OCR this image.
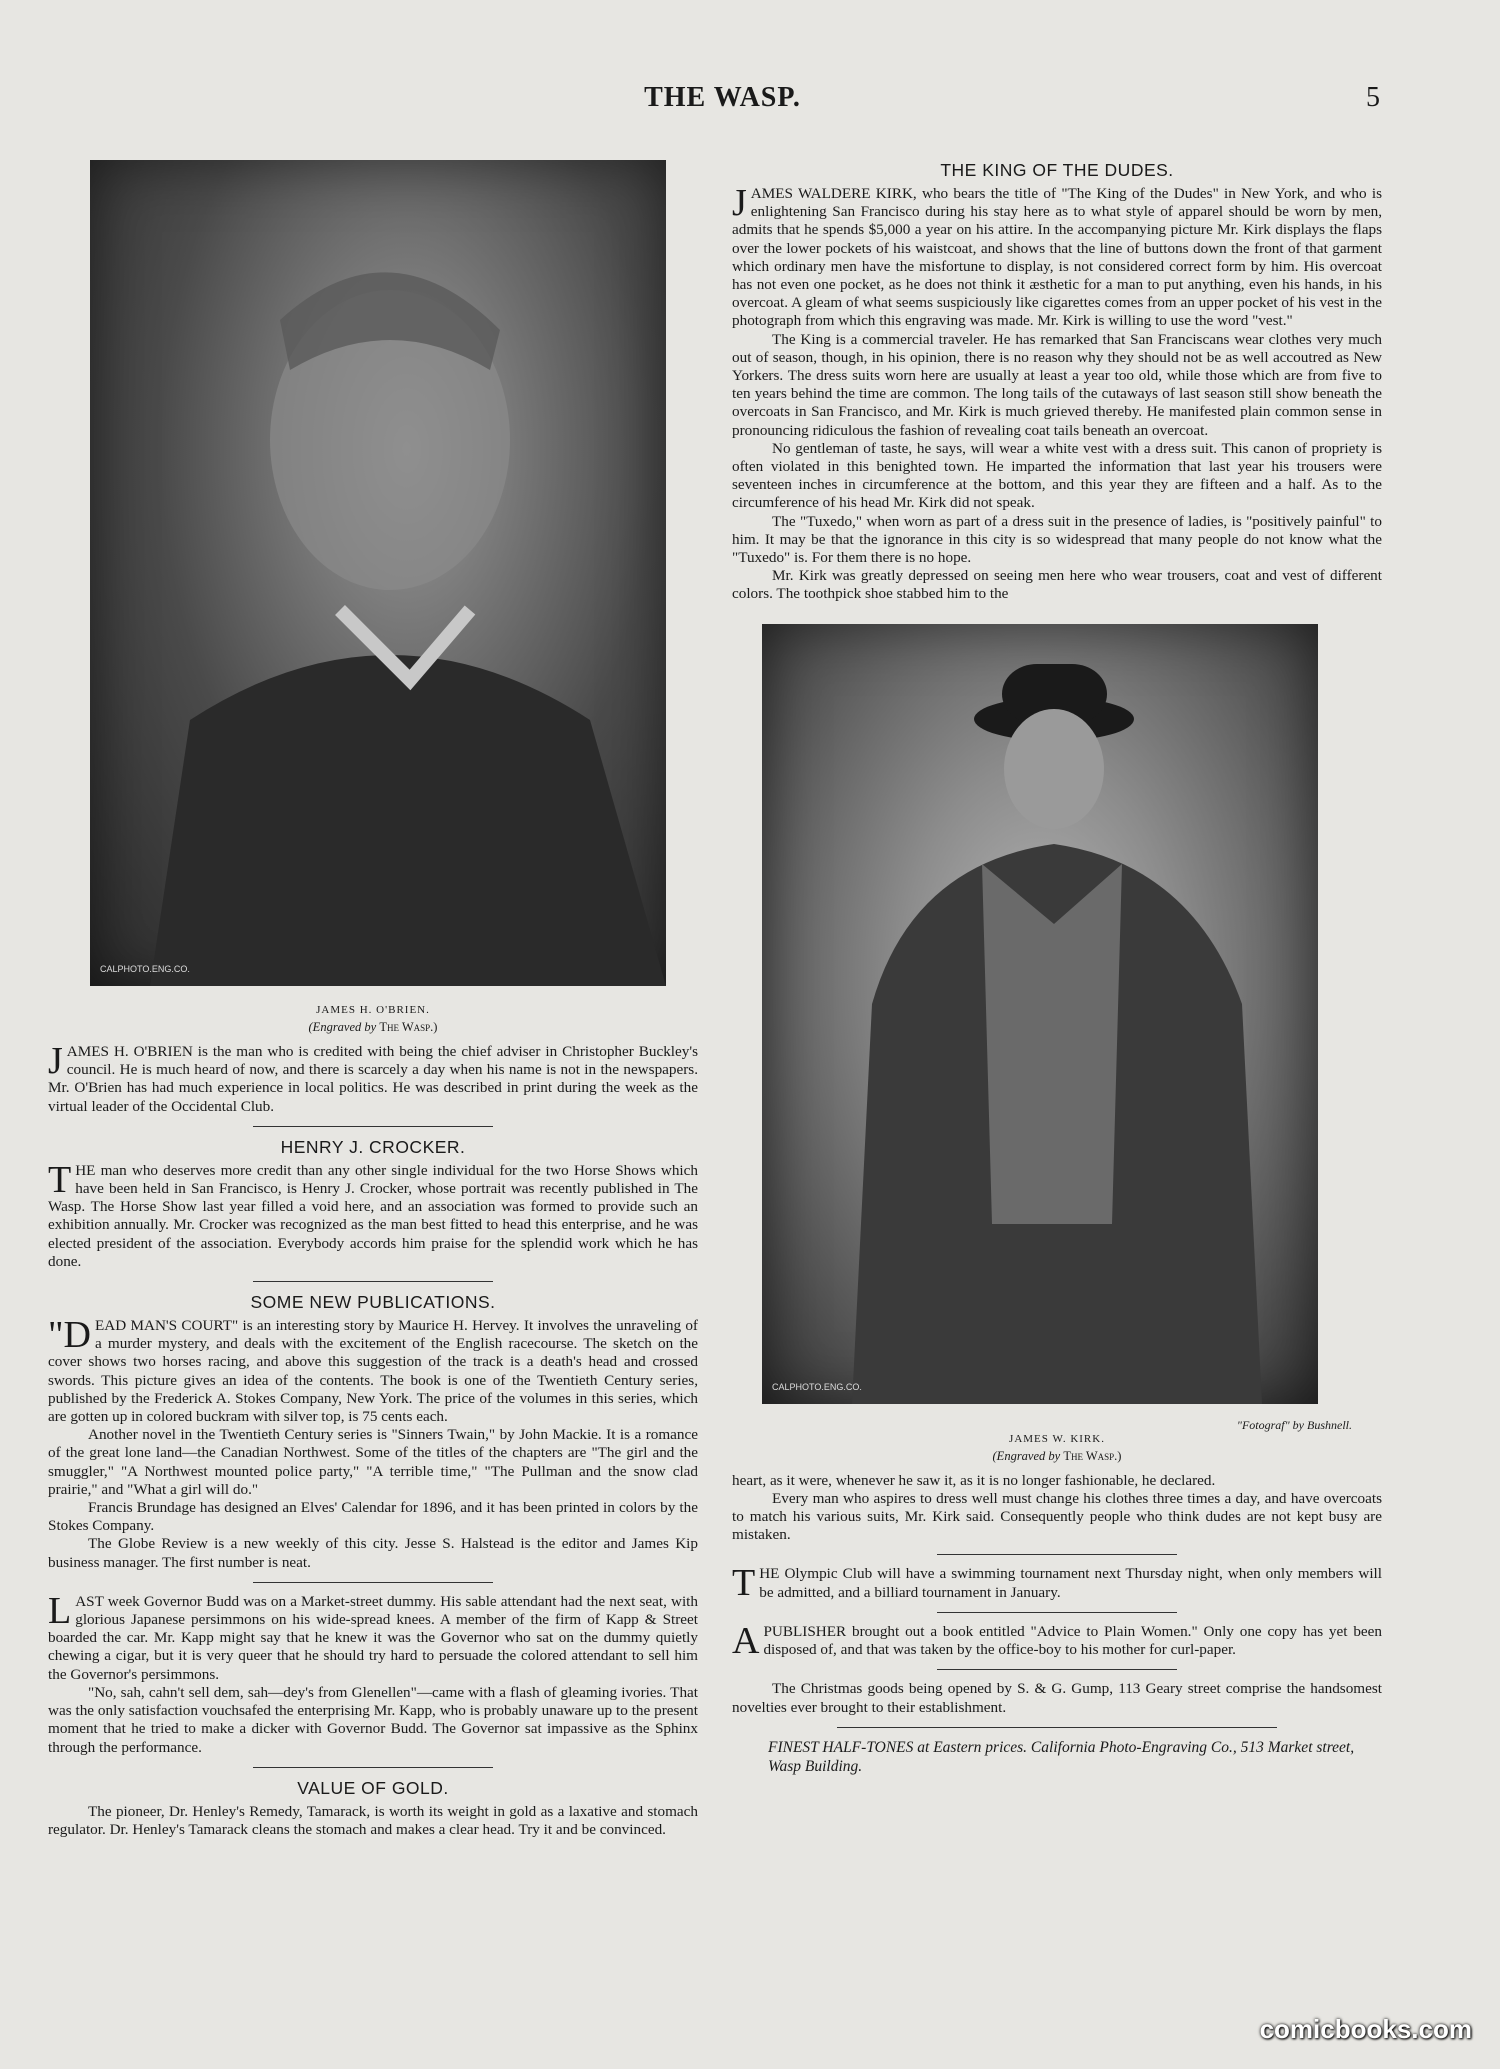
THE WASP.	5
CALPHOTO.ENG.CO.
JAMES H. O'BRIEN.
(Engraved by The Wasp.)

JAMES H. O'BRIEN is the man who is credited with being the chief adviser in Christopher Buckley's council. He is much heard of now, and there is scarcely a day when his name is not in the newspapers. Mr. O'Brien has had much experience in local politics. He was described in print during the week as the virtual leader of the Occidental Club.

HENRY J. CROCKER.

THE man who deserves more credit than any other single individual for the two Horse Shows which have been held in San Francisco, is Henry J. Crocker, whose portrait was recently published in The Wasp. The Horse Show last year filled a void here, and an association was formed to provide such an exhibition annually. Mr. Crocker was recognized as the man best fitted to head this enterprise, and he was elected president of the association. Everybody accords him praise for the splendid work which he has done.

SOME NEW PUBLICATIONS.

"DEAD MAN'S COURT" is an interesting story by Maurice H. Hervey. It involves the unraveling of a murder mystery, and deals with the excitement of the English racecourse. The sketch on the cover shows two horses racing, and above this suggestion of the track is a death's head and crossed swords. This picture gives an idea of the contents. The book is one of the Twentieth Century series, published by the Frederick A. Stokes Company, New York. The price of the volumes in this series, which are gotten up in colored buckram with silver top, is 75 cents each.

Another novel in the Twentieth Century series is "Sinners Twain," by John Mackie. It is a romance of the great lone land—the Canadian Northwest. Some of the titles of the chapters are "The girl and the smuggler," "A Northwest mounted police party," "A terrible time," "The Pullman and the snow clad prairie," and "What a girl will do."

Francis Brundage has designed an Elves' Calendar for 1896, and it has been printed in colors by the Stokes Company.

The Globe Review is a new weekly of this city. Jesse S. Halstead is the editor and James Kip business manager. The first number is neat.

LAST week Governor Budd was on a Market-street dummy. His sable attendant had the next seat, with glorious Japanese persimmons on his wide-spread knees. A member of the firm of Kapp & Street boarded the car. Mr. Kapp might say that he knew it was the Governor who sat on the dummy quietly chewing a cigar, but it is very queer that he should try hard to persuade the colored attendant to sell him the Governor's persimmons.

"No, sah, cahn't sell dem, sah—dey's from Glenellen"—came with a flash of gleaming ivories. That was the only satisfaction vouchsafed the enterprising Mr. Kapp, who is probably unaware up to the present moment that he tried to make a dicker with Governor Budd. The Governor sat impassive as the Sphinx through the performance.

VALUE OF GOLD.

The pioneer, Dr. Henley's Remedy, Tamarack, is worth its weight in gold as a laxative and stomach regulator. Dr. Henley's Tamarack cleans the stomach and makes a clear head. Try it and be convinced.

THE KING OF THE DUDES.

JAMES WALDERE KIRK, who bears the title of "The King of the Dudes" in New York, and who is enlightening San Francisco during his stay here as to what style of apparel should be worn by men, admits that he spends $5,000 a year on his attire. In the accompanying picture Mr. Kirk displays the flaps over the lower pockets of his waistcoat, and shows that the line of buttons down the front of that garment which ordinary men have the misfortune to display, is not considered correct form by him. His overcoat has not even one pocket, as he does not think it æsthetic for a man to put anything, even his hands, in his overcoat. A gleam of what seems suspiciously like cigarettes comes from an upper pocket of his vest in the photograph from which this engraving was made. Mr. Kirk is willing to use the word "vest."

The King is a commercial traveler. He has remarked that San Franciscans wear clothes very much out of season, though, in his opinion, there is no reason why they should not be as well accoutred as New Yorkers. The dress suits worn here are usually at least a year too old, while those which are from five to ten years behind the time are common. The long tails of the cutaways of last season still show beneath the overcoats in San Francisco, and Mr. Kirk is much grieved thereby. He manifested plain common sense in pronouncing ridiculous the fashion of revealing coat tails beneath an overcoat.

No gentleman of taste, he says, will wear a white vest with a dress suit. This canon of propriety is often violated in this benighted town. He imparted the information that last year his trousers were seventeen inches in circumference at the bottom, and this year they are fifteen and a half. As to the circumference of his head Mr. Kirk did not speak.

The "Tuxedo," when worn as part of a dress suit in the presence of ladies, is "positively painful" to him. It may be that the ignorance in this city is so widespread that many people do not know what the "Tuxedo" is. For them there is no hope.

Mr. Kirk was greatly depressed on seeing men here who wear trousers, coat and vest of different colors. The toothpick shoe stabbed him to the

CALPHOTO.ENG.CO.
"Fotograf" by Bushnell.
JAMES W. KIRK.
(Engraved by The Wasp.)

heart, as it were, whenever he saw it, as it is no longer fashionable, he declared.

Every man who aspires to dress well must change his clothes three times a day, and have overcoats to match his various suits, Mr. Kirk said. Consequently people who think dudes are not kept busy are mistaken.

THE Olympic Club will have a swimming tournament next Thursday night, when only members will be admitted, and a billiard tournament in January.

APUBLISHER brought out a book entitled "Advice to Plain Women." Only one copy has yet been disposed of, and that was taken by the office-boy to his mother for curl-paper.

The Christmas goods being opened by S. & G. Gump, 113 Geary street comprise the handsomest novelties ever brought to their establishment.

FINEST HALF-TONES at Eastern prices. California Photo-Engraving Co., 513 Market street, Wasp Building.
comicbooks.com
